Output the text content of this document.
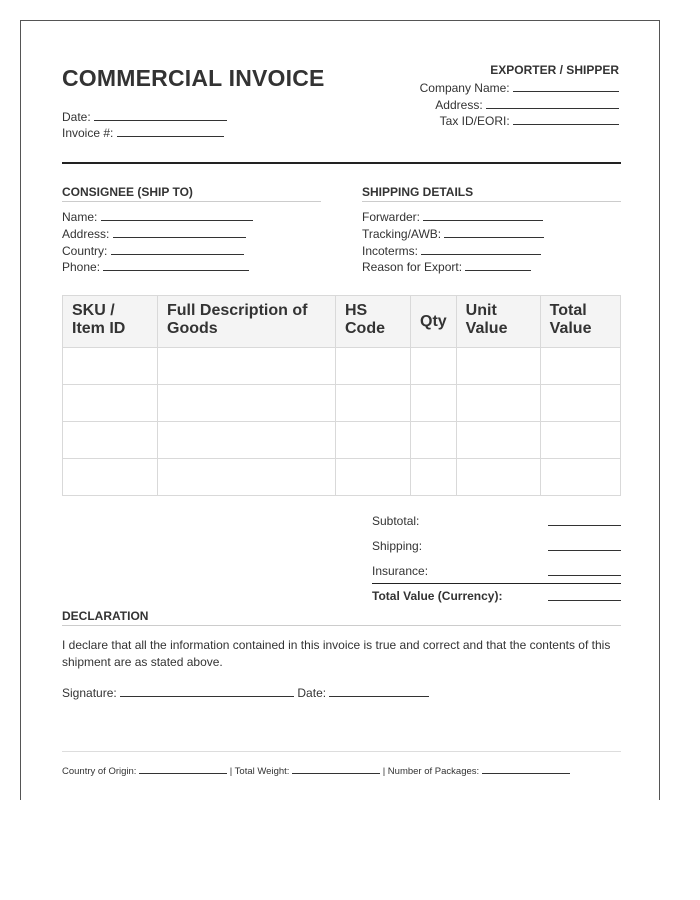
COMMERCIAL INVOICE
Date:
Invoice #:
EXPORTER / SHIPPER
Company Name:
Address:
Tax ID/EORI:
CONSIGNEE (SHIP TO)
Name:
Address:
Country:
Phone:
SHIPPING DETAILS
Forwarder:
Tracking/AWB:
Incoterms:
Reason for Export:
SKU / Item ID	Full Description of Goods	HS Code	Qty	Unit Value	Total Value

Subtotal:
Shipping:
Insurance:
Total Value (Currency):
DECLARATION
I declare that all the information contained in this invoice is true and correct and that the contents of this shipment are as stated above.
Signature:	Date:
Country of Origin:	| Total Weight:	| Number of Packages:
